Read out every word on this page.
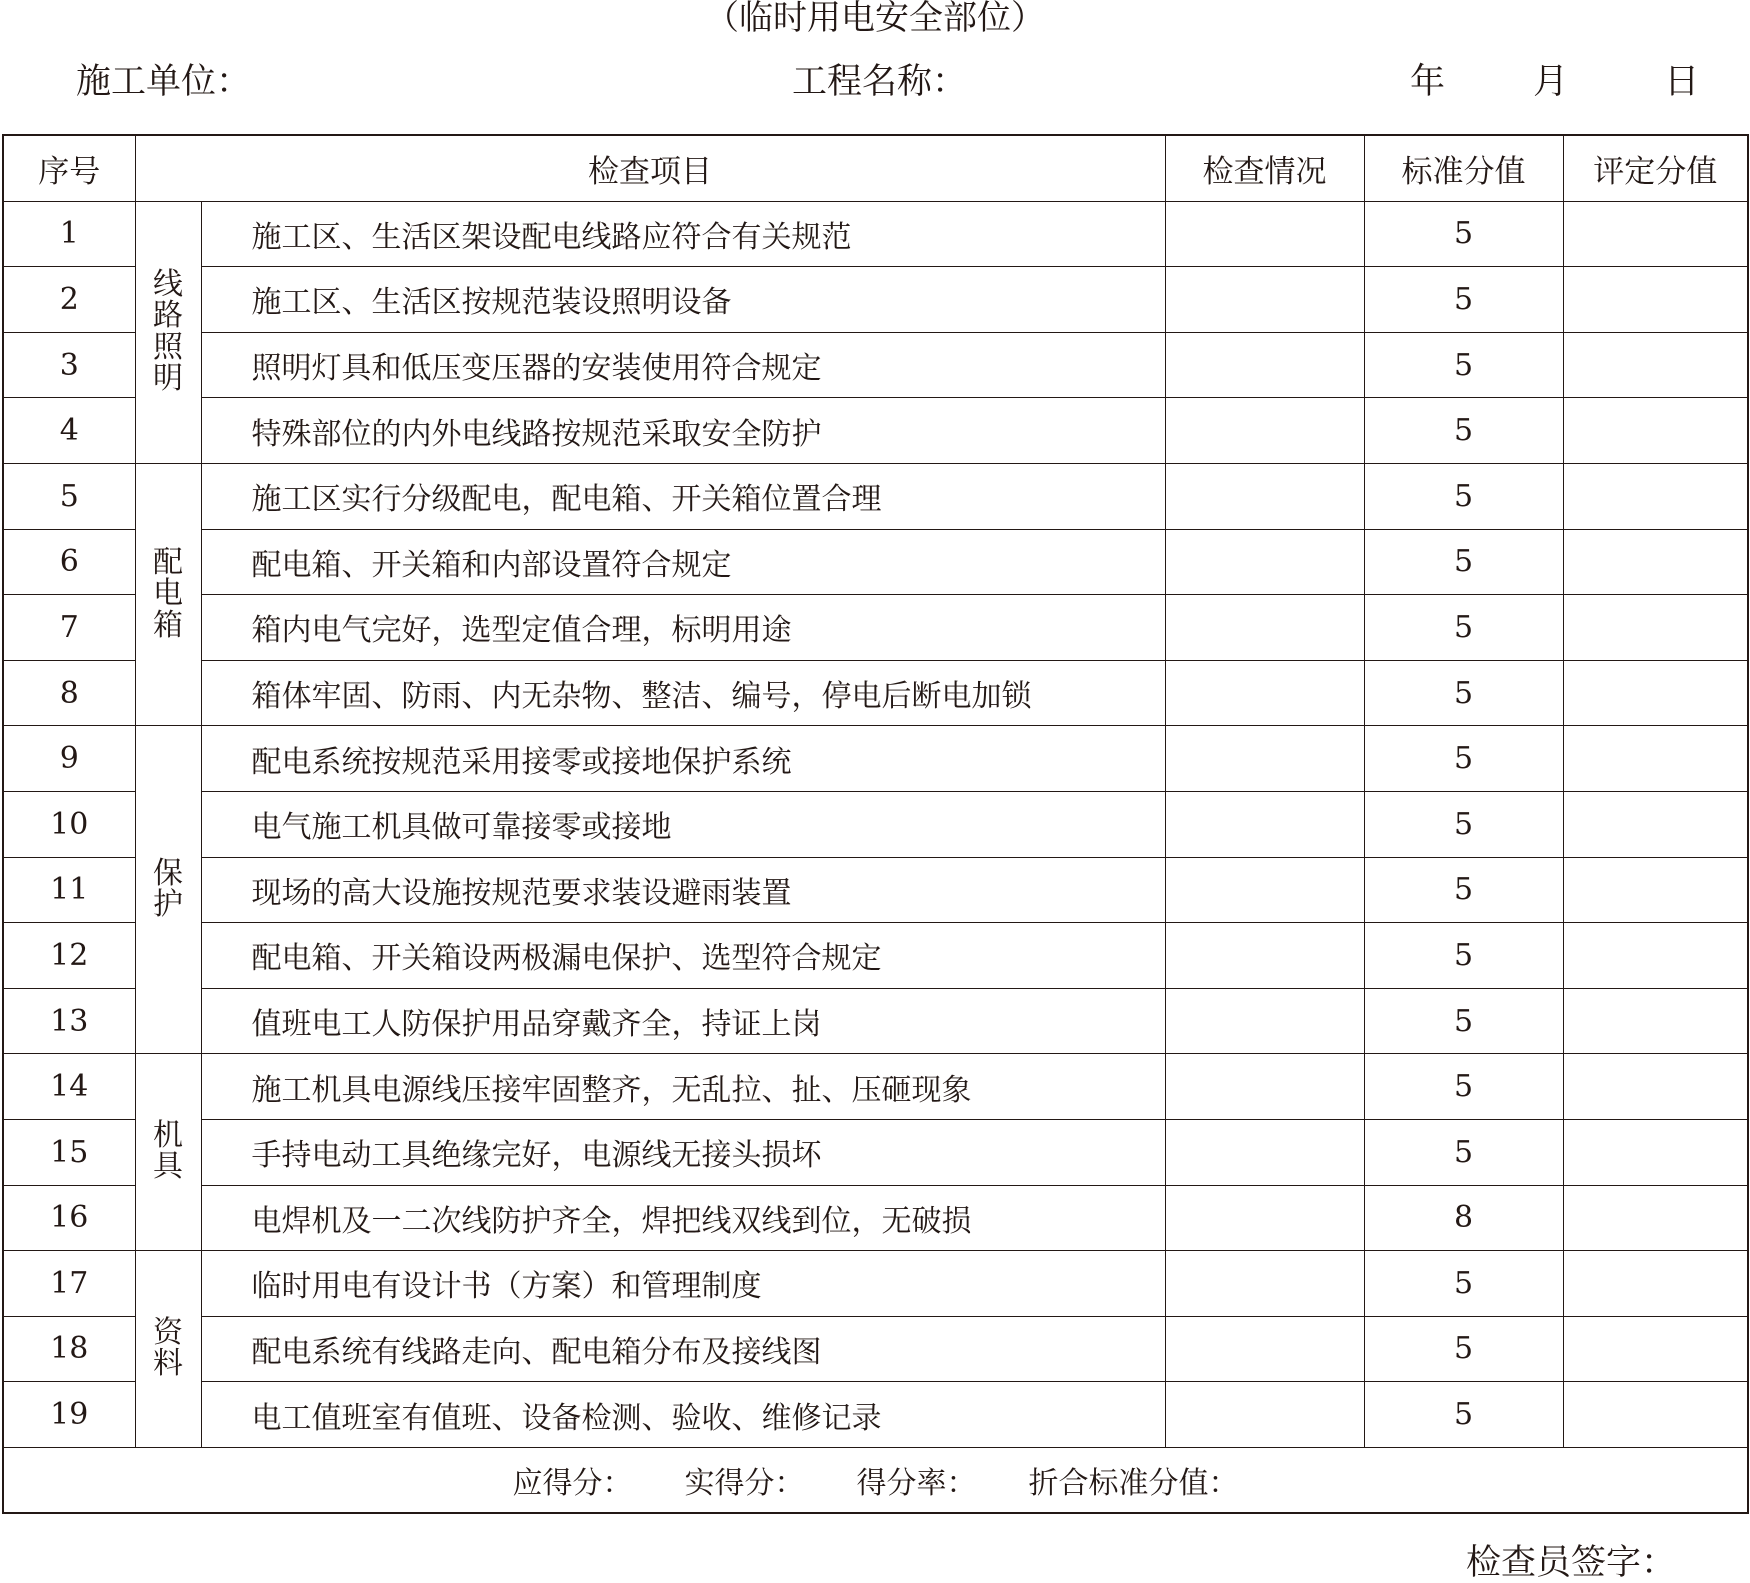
（临时用电安全部位）
施工单位：	工程名称：	年	月	日
序号	检查项目		检查情况	标准分值	评定分值
1	线路照明	施工区、生活区架设配电线路应符合有关规范		5	
2		施工区、生活区按规范装设照明设备		5	
3		照明灯具和低压变压器的安装使用符合规定		5	
4		特殊部位的内外电线路按规范采取安全防护		5	
5	配电箱	施工区实行分级配电，配电箱、开关箱位置合理		5	
6		配电箱、开关箱和内部设置符合规定		5	
7		箱内电气完好，选型定值合理，标明用途		5	
8		箱体牢固、防雨、内无杂物、整洁、编号，停电后断电加锁		5	
9	保护	配电系统按规范采用接零或接地保护系统		5	
10		电气施工机具做可靠接零或接地		5	
11		现场的高大设施按规范要求装设避雨装置		5	
12		配电箱、开关箱设两极漏电保护、选型符合规定		5	
13		值班电工人防保护用品穿戴齐全，持证上岗		5	
14	机具	施工机具电源线压接牢固整齐，无乱拉、扯、压砸现象		5	
15		手持电动工具绝缘完好，电源线无接头损坏		5	
16		电焊机及一二次线防护齐全，焊把线双线到位，无破损		8	
17	资料	临时用电有设计书（方案）和管理制度		5	
18		配电系统有线路走向、配电箱分布及接线图		5	
19		电工值班室有值班、设备检测、验收、维修记录		5	
应得分： 实得分： 得分率： 折合标准分值：					
检查员签字：
